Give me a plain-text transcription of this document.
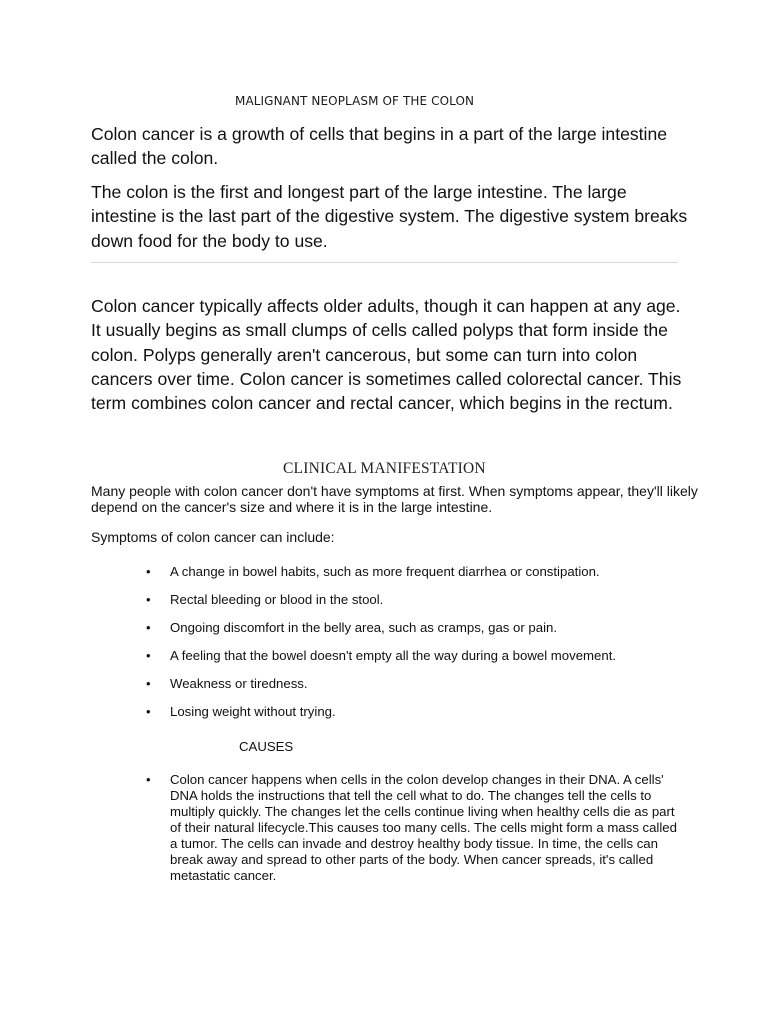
MALIGNANT NEOPLASM OF THE COLON

Colon cancer is a growth of cells that begins in a part of the large intestine called the colon.

The colon is the first and longest part of the large intestine. The large intestine is the last part of the digestive system. The digestive system breaks down food for the body to use.

Colon cancer typically affects older adults, though it can happen at any age. It usually begins as small clumps of cells called polyps that form inside the colon. Polyps generally aren't cancerous, but some can turn into colon cancers over time. Colon cancer is sometimes called colorectal cancer. This term combines colon cancer and rectal cancer, which begins in the rectum.

CLINICAL MANIFESTATION

Many people with colon cancer don't have symptoms at first. When symptoms appear, they'll likely depend on the cancer's size and where it is in the large intestine.

Symptoms of colon cancer can include:

• A change in bowel habits, such as more frequent diarrhea or constipation.
• Rectal bleeding or blood in the stool.
• Ongoing discomfort in the belly area, such as cramps, gas or pain.
• A feeling that the bowel doesn't empty all the way during a bowel movement.
• Weakness or tiredness.
• Losing weight without trying.
CAUSES
• Colon cancer happens when cells in the colon develop changes in their DNA. A cells' DNA holds the instructions that tell the cell what to do. The changes tell the cells to multiply quickly. The changes let the cells continue living when healthy cells die as part of their natural lifecycle.This causes too many cells. The cells might form a mass called a tumor. The cells can invade and destroy healthy body tissue. In time, the cells can break away and spread to other parts of the body. When cancer spreads, it's called metastatic cancer.
